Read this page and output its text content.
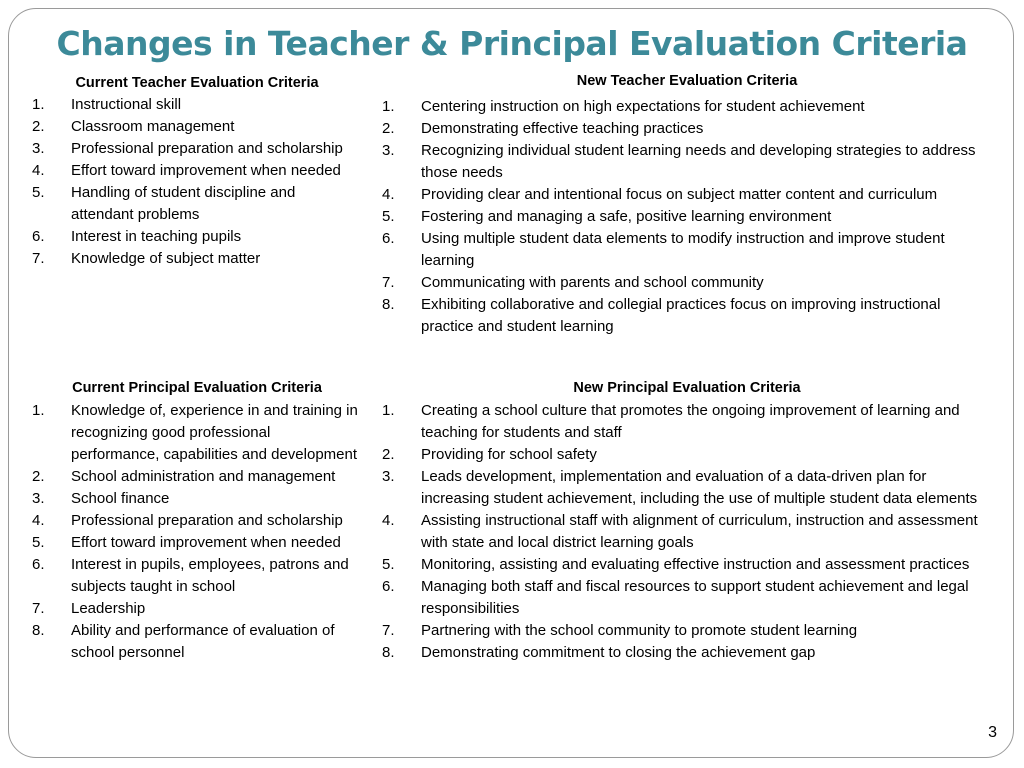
Changes in Teacher & Principal Evaluation Criteria

Current Teacher Evaluation Criteria

1. Instructional skill
2. Classroom management
3. Professional preparation and scholarship
4. Effort toward improvement when needed
5. Handling of student discipline and attendant problems
6. Interest in teaching pupils
7. Knowledge of subject matter

New Teacher Evaluation Criteria

1. Centering instruction on high expectations for student achievement
2. Demonstrating effective teaching practices
3. Recognizing individual student learning needs and developing strategies to address those needs
4. Providing clear and intentional focus on subject matter content and curriculum
5. Fostering and managing a safe, positive learning environment
6. Using multiple student data elements to modify instruction and improve student learning
7. Communicating with parents and school community
8. Exhibiting collaborative and collegial practices focus on improving instructional practice and student learning

Current Principal Evaluation Criteria

1. Knowledge of, experience in and training in recognizing good professional performance, capabilities and development
2. School administration and management
3. School finance
4. Professional preparation and scholarship
5. Effort toward improvement when needed
6. Interest in pupils, employees, patrons and subjects taught in school
7. Leadership
8. Ability and performance of evaluation of school personnel

New Principal Evaluation Criteria

1. Creating a school culture that promotes the ongoing improvement of learning and teaching for students and staff
2. Providing for school safety
3. Leads development, implementation and evaluation of a data-driven plan for increasing student achievement, including the use of multiple student data elements
4. Assisting instructional staff with alignment of curriculum, instruction and assessment with state and local district learning goals
5. Monitoring, assisting and evaluating effective instruction and assessment practices
6. Managing both staff and fiscal resources to support student achievement and legal responsibilities
7. Partnering with the school community to promote student learning
8. Demonstrating commitment to closing the achievement gap
3
